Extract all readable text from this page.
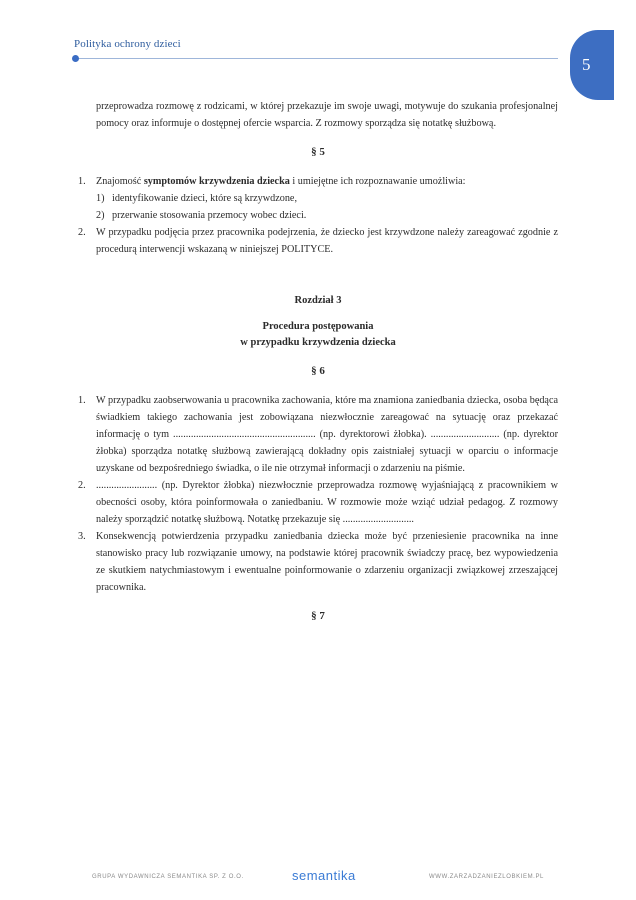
Polityka ochrony dzieci
5
przeprowadza rozmowę z rodzicami, w której przekazuje im swoje uwagi, motywuje do szukania profesjonalnej pomocy oraz informuje o dostępnej ofercie wsparcia. Z rozmowy sporządza się notatkę służbową.
§ 5
1. Znajomość symptomów krzywdzenia dziecka i umiejętne ich rozpoznawanie umożliwia:
1) identyfikowanie dzieci, które są krzywdzone,
2) przerwanie stosowania przemocy wobec dzieci.
2. W przypadku podjęcia przez pracownika podejrzenia, że dziecko jest krzywdzone należy zareagować zgodnie z procedurą interwencji wskazaną w niniejszej POLITYCE.
Rozdział 3
Procedura postępowania
w przypadku krzywdzenia dziecka
§ 6
1. W przypadku zaobserwowania u pracownika zachowania, które ma znamiona zaniedbania dziecka, osoba będąca świadkiem takiego zachowania jest zobowiązana niezwłocznie zareagować na sytuację oraz przekazać informację o tym ........................................................ (np. dyrektorowi żłobka). ........................... (np. dyrektor żłobka) sporządza notatkę służbową zawierającą dokładny opis zaistniałej sytuacji w oparciu o informacje uzyskane od bezpośredniego świadka, o ile nie otrzymał informacji o zdarzeniu na piśmie.
2. ........................ (np. Dyrektor żłobka) niezwłocznie przeprowadza rozmowę wyjaśniającą z pracownikiem w obecności osoby, która poinformowała o zaniedbaniu. W rozmowie może wziąć udział pedagog. Z rozmowy należy sporządzić notatkę służbową. Notatkę przekazuje się ............................
3. Konsekwencją potwierdzenia przypadku zaniedbania dziecka może być przeniesienie pracownika na inne stanowisko pracy lub rozwiązanie umowy, na podstawie której pracownik świadczy pracę, bez wypowiedzenia ze skutkiem natychmiastowym i ewentualne poinformowanie o zdarzeniu organizacji związkowej zrzeszającej pracownika.
§ 7
GRUPA WYDAWNICZA SEMANTIKA SP. Z O.O.	semantika	WWW.ZARZADZANIEZLOBKIEM.PL
